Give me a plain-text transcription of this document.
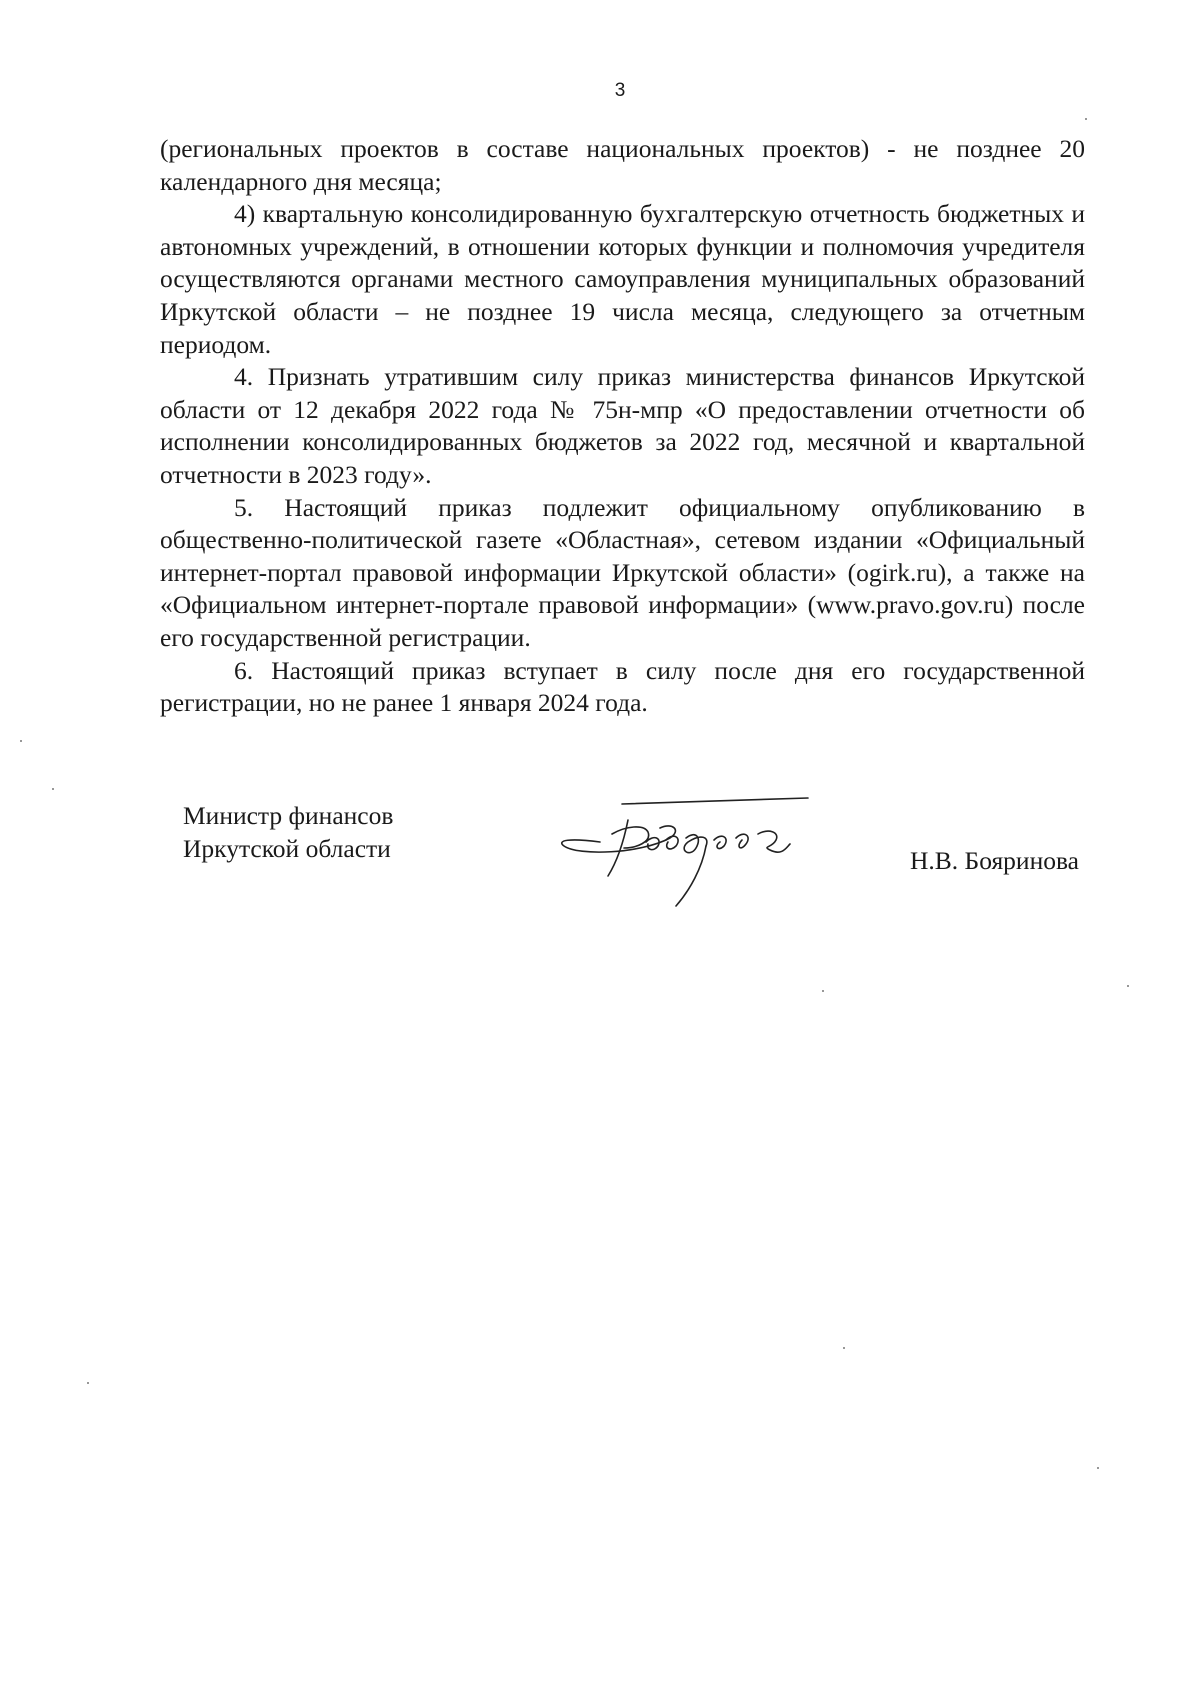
3

(региональных проектов в составе национальных проектов) - не позднее 20 календарного дня месяца;

4) квартальную консолидированную бухгалтерскую отчетность бюджетных и автономных учреждений, в отношении которых функции и полномочия учредителя осуществляются органами местного самоуправления муниципальных образований Иркутской области – не позднее 19 числа месяца, следующего за отчетным периодом.

4. Признать утратившим силу приказ министерства финансов Иркутской области от 12 декабря 2022 года № 75н-мпр «О предоставлении отчетности об исполнении консолидированных бюджетов за 2022 год, месячной и квартальной отчетности в 2023 году».

5. Настоящий приказ подлежит официальному опубликованию в общественно-политической газете «Областная», сетевом издании «Официальный интернет-портал правовой информации Иркутской области» (ogirk.ru), а также на «Официальном интернет-портале правовой информации» (www.pravo.gov.ru) после его государственной регистрации.

6. Настоящий приказ вступает в силу после дня его государственной регистрации, но не ранее 1 января 2024 года.

Министр финансов
Иркутской области	Н.В. Бояринова
